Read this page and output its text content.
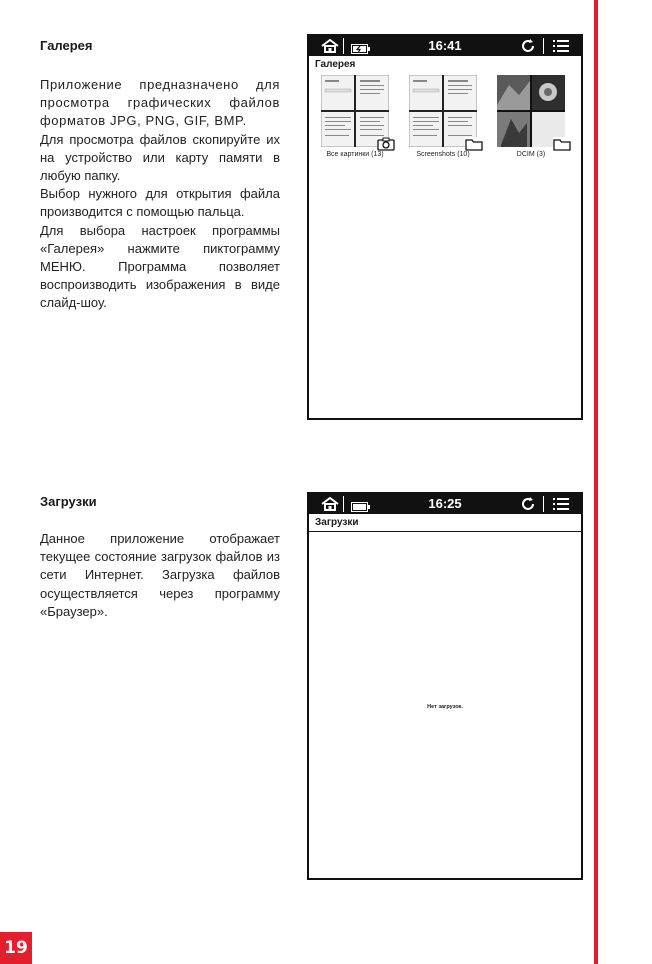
19
Галерея

Приложение предназначено для просмотра графических файлов форматов JPG, PNG, GIF, BMP.

Для просмотра файлов скопируйте их на устройство или карту памяти в любую папку.

Выбор нужного для открытия файла производится с помощью пальца.

Для выбора настроек программы «Галерея» нажмите пиктограмму МЕНЮ. Программа позволяет воспроизводить изображения в виде слайд-шоу.

16:41
Галерея
Все картинки (13)	Screenshots (10)	DCIM (3)
Загрузки

Данное приложение отображает текущее состояние загрузок файлов из сети Интернет. Загрузка файлов осуществляется через программу «Браузер».

16:25
Загрузки
Нет загрузок.
